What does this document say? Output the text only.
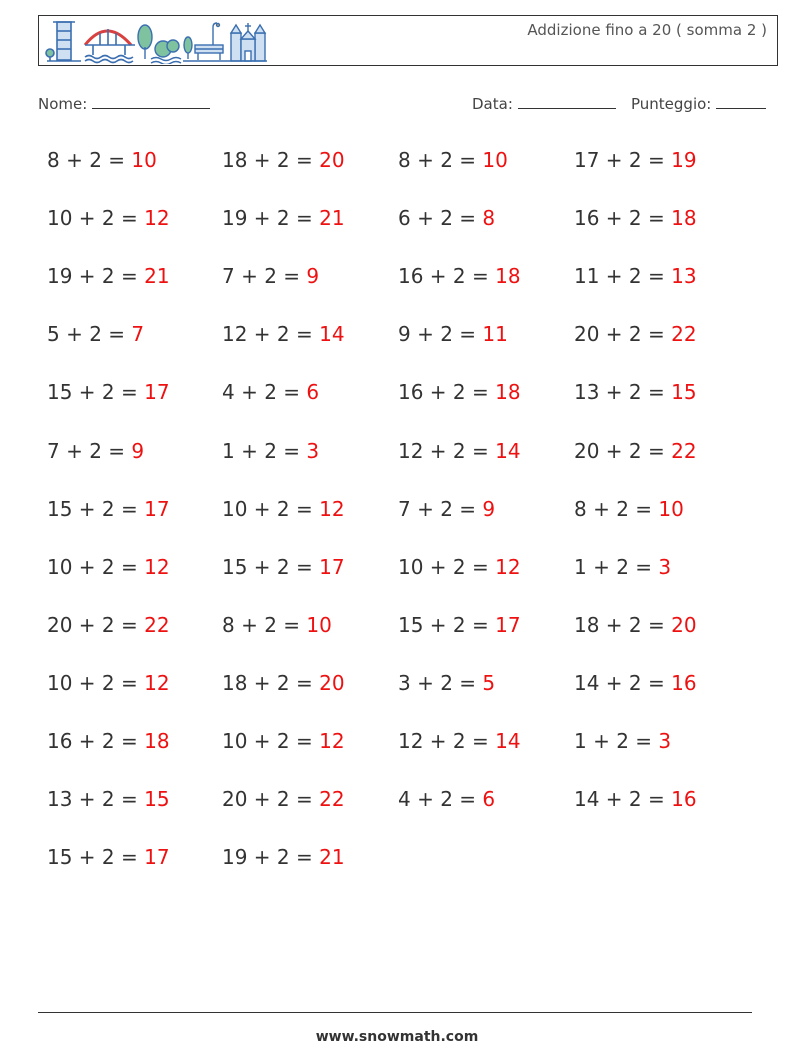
Addizione fino a 20 ( somma 2 )
Nome:	Data:	Punteggio:
8 + 2 = 10	18 + 2 = 20	8 + 2 = 10	17 + 2 = 19
10 + 2 = 12	19 + 2 = 21	6 + 2 = 8	16 + 2 = 18
19 + 2 = 21	7 + 2 = 9	16 + 2 = 18	11 + 2 = 13
5 + 2 = 7	12 + 2 = 14	9 + 2 = 11	20 + 2 = 22
15 + 2 = 17	4 + 2 = 6	16 + 2 = 18	13 + 2 = 15
7 + 2 = 9	1 + 2 = 3	12 + 2 = 14	20 + 2 = 22
15 + 2 = 17	10 + 2 = 12	7 + 2 = 9	8 + 2 = 10
10 + 2 = 12	15 + 2 = 17	10 + 2 = 12	1 + 2 = 3
20 + 2 = 22	8 + 2 = 10	15 + 2 = 17	18 + 2 = 20
10 + 2 = 12	18 + 2 = 20	3 + 2 = 5	14 + 2 = 16
16 + 2 = 18	10 + 2 = 12	12 + 2 = 14	1 + 2 = 3
13 + 2 = 15	20 + 2 = 22	4 + 2 = 6	14 + 2 = 16
15 + 2 = 17	19 + 2 = 21
www.snowmath.com
